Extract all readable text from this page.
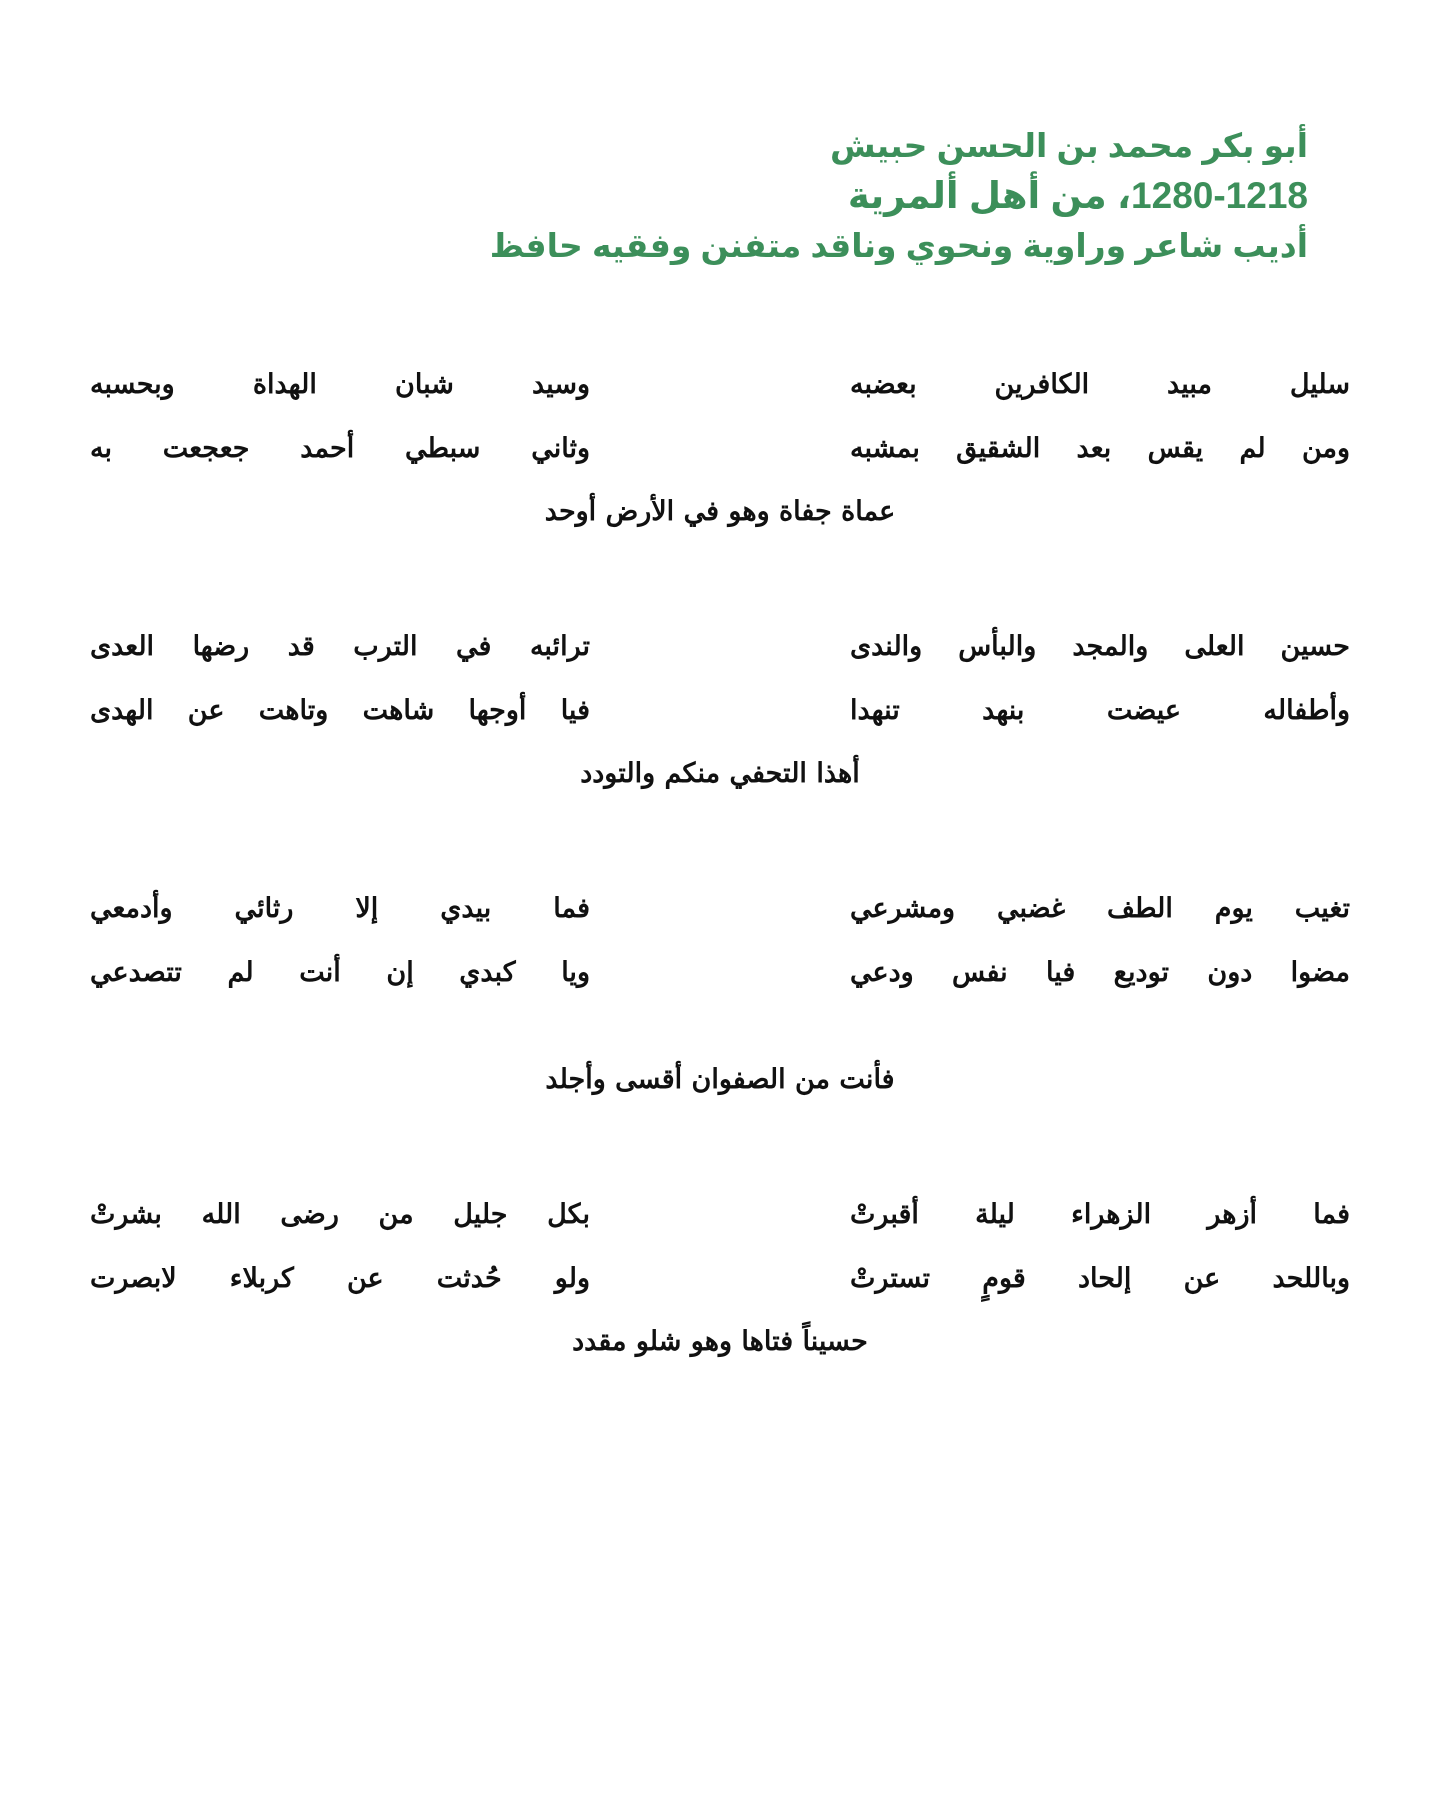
أبو بكر محمد بن الحسن حبيش
1280-1218، من أهل ألمرية
أديب شاعر وراوية ونحوي وناقد متفنن وفقيه حافظ
سليل مبيد الكافرين بعضبه
وسيد شبان الهداة وبحسبه
ومن لم يقس بعد الشقيق بمشبه
وثاني سبطي أحمد جعجعت به
عماة جفاة وهو في الأرض أوحد
حسين العلى والمجد والبأس والندى
ترائبه في الترب قد رضها العدى
وأطفاله عيضت بنهد تنهدا
فيا أوجها شاهت وتاهت عن الهدى
أهذا التحفي منكم والتودد
تغيب يوم الطف غضبي ومشرعي
فما بيدي إلا رثائي وأدمعي
مضوا دون توديع فيا نفس ودعي
ويا كبدي إن أنت لم تتصدعي
فأنت من الصفوان أقسى وأجلد
فما أزهر الزهراء ليلة أقبرتْ
بكل جليل من رضى الله بشرتْ
وباللحد عن إلحاد قومٍ تسترتْ
ولو حُدثت عن كربلاء لابصرت
حسيناً فتاها وهو شلو مقدد
